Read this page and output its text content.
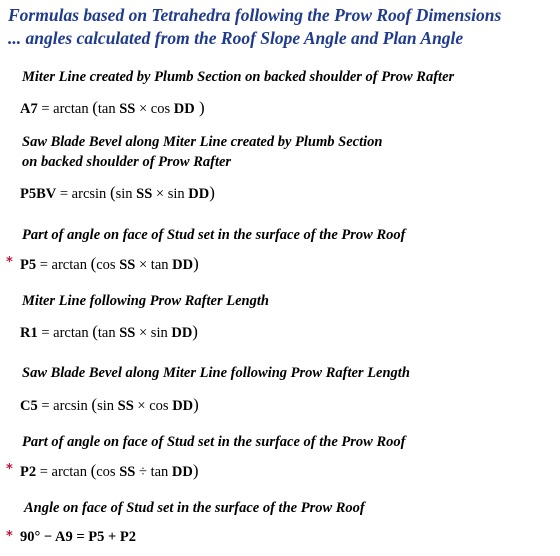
Formulas based on Tetrahedra following the Prow Roof Dimensions
... angles calculated from the Roof Slope Angle and Plan Angle
Miter Line created by Plumb Section on backed shoulder of Prow Rafter
A7 = arctan (tan SS × cos DD )
Saw Blade Bevel along Miter Line created by Plumb Section
on backed shoulder of Prow Rafter
P5BV = arcsin (sin SS × sin DD)
Part of angle on face of Stud set in the surface of the Prow Roof
* P5 = arctan (cos SS × tan DD)
Miter Line following Prow Rafter Length
R1 = arctan (tan SS × sin DD)
Saw Blade Bevel along Miter Line following Prow Rafter Length
C5 = arcsin (sin SS × cos DD)
Part of angle on face of Stud set in the surface of the Prow Roof
* P2 = arctan (cos SS ÷ tan DD)
Angle on face of Stud set in the surface of the Prow Roof
* 90° − A9 = P5 + P2
